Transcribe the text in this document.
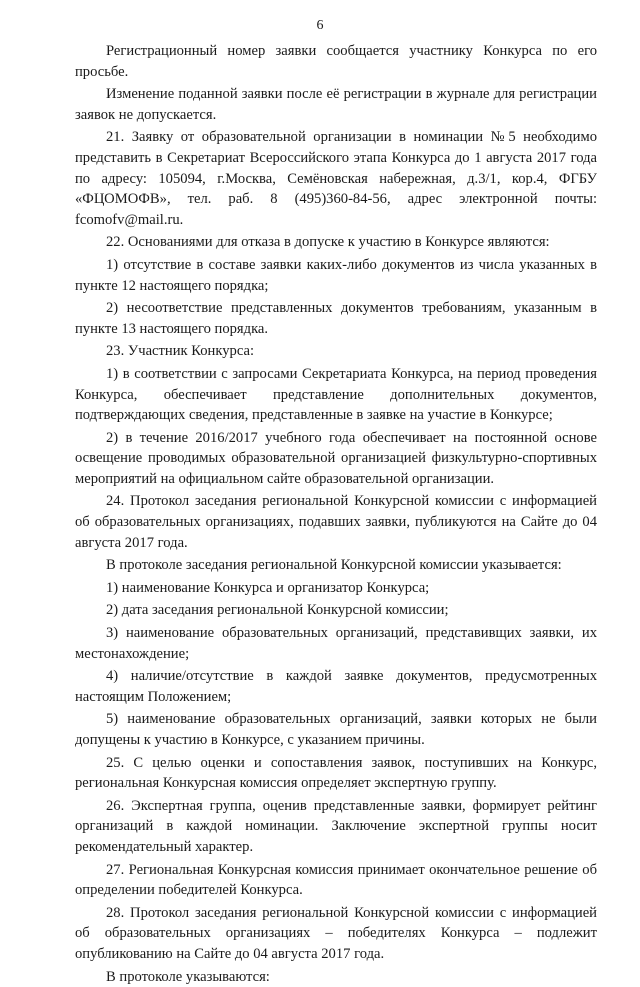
6

Регистрационный номер заявки сообщается участнику Конкурса по его просьбе.

Изменение поданной заявки после её регистрации в журнале для регистрации заявок не допускается.

21. Заявку от образовательной организации в номинации №5 необходимо представить в Секретариат Всероссийского этапа Конкурса до 1 августа 2017 года по адресу: 105094, г.Москва, Семёновская набережная, д.3/1, кор.4, ФГБУ «ФЦОМОФВ», тел. раб. 8 (495)360-84-56, адрес электронной почты: fcomofv@mail.ru.

22. Основаниями для отказа в допуске к участию в Конкурсе являются:

1) отсутствие в составе заявки каких-либо документов из числа указанных в пункте 12 настоящего порядка;

2) несоответствие представленных документов требованиям, указанным в пункте 13 настоящего порядка.

23. Участник Конкурса:

1) в соответствии с запросами Секретариата Конкурса, на период проведения Конкурса, обеспечивает представление дополнительных документов, подтверждающих сведения, представленные в заявке на участие в Конкурсе;

2) в течение 2016/2017 учебного года обеспечивает на постоянной основе освещение проводимых образовательной организацией физкультурно-спортивных мероприятий на официальном сайте образовательной организации.

24. Протокол заседания региональной Конкурсной комиссии с информацией об образовательных организациях, подавших заявки, публикуются на Сайте до 04 августа 2017 года.

В протоколе заседания региональной Конкурсной комиссии указывается:

1) наименование Конкурса и организатор Конкурса;

2) дата заседания региональной Конкурсной комиссии;

3) наименование образовательных организаций, представивщих заявки, их местонахождение;

4) наличие/отсутствие в каждой заявке документов, предусмотренных настоящим Положением;

5) наименование образовательных организаций, заявки которых не были допущены к участию в Конкурсе, с указанием причины.

25. С целью оценки и сопоставления заявок, поступивших на Конкурс, региональная Конкурсная комиссия определяет экспертную группу.

26. Экспертная группа, оценив представленные заявки, формирует рейтинг организаций в каждой номинации. Заключение экспертной группы носит рекомендательный характер.

27. Региональная Конкурсная комиссия принимает окончательное решение об определении победителей Конкурса.

28. Протокол заседания региональной Конкурсной комиссии с информацией об образовательных организациях – победителях Конкурса – подлежит опубликованию на Сайте до 04 августа 2017 года.

В протоколе указываются:
